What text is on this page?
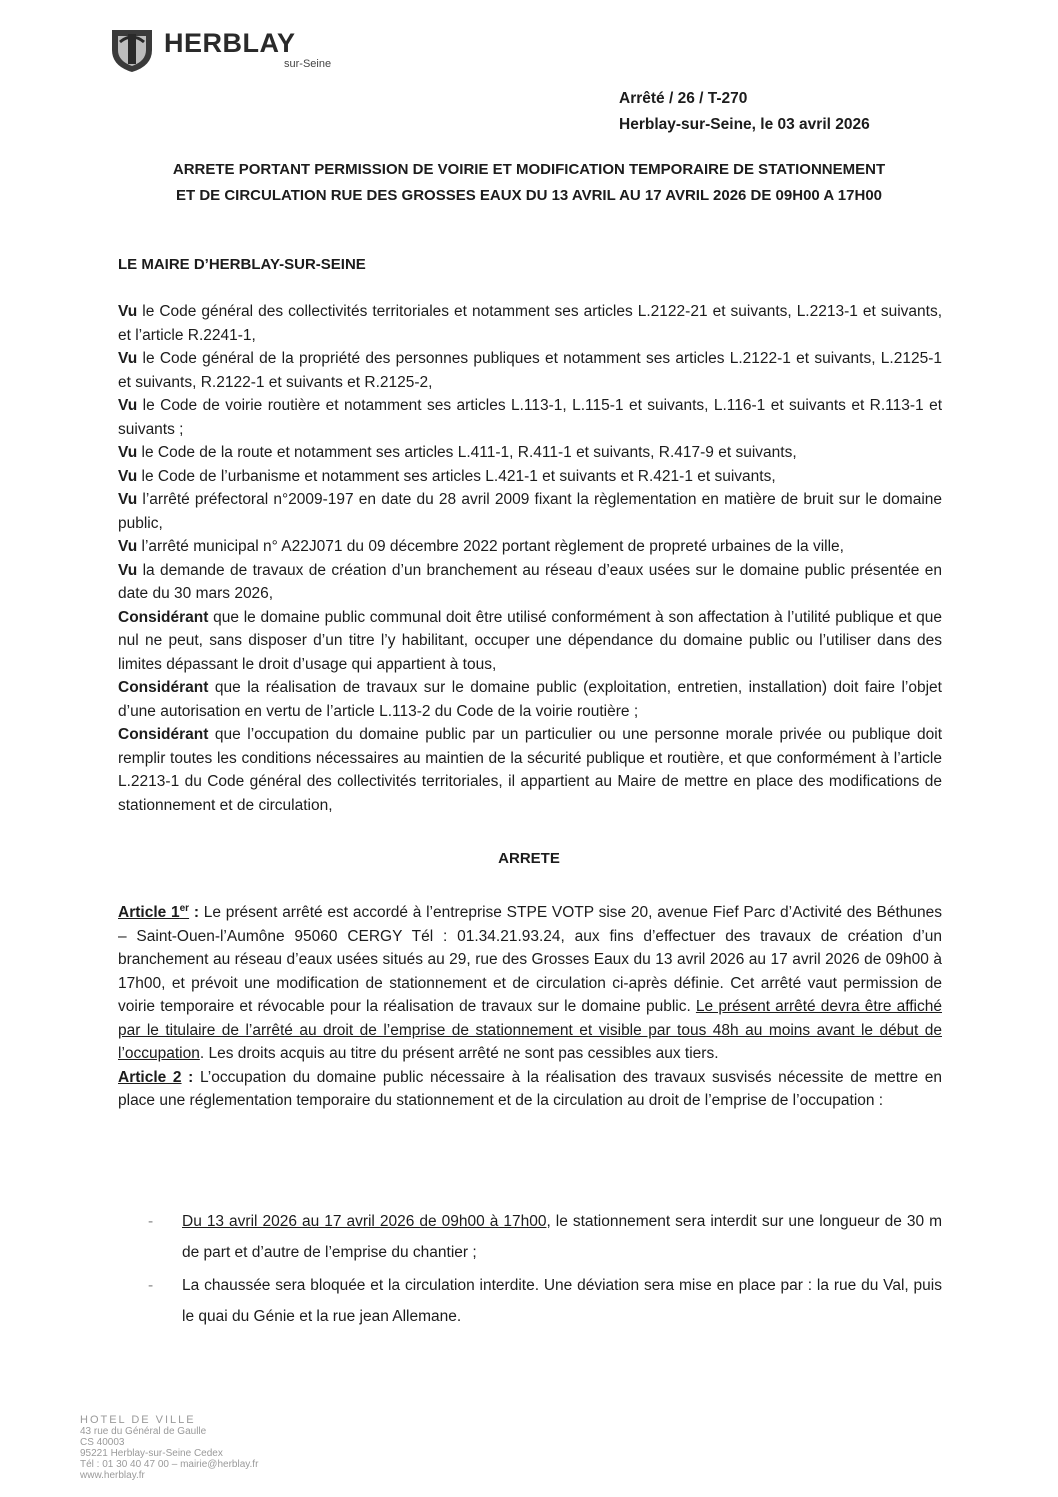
HERBLAY
sur-Seine
Arrêté / 26 / T-270
Herblay-sur-Seine, le 03 avril 2026
ARRETE PORTANT PERMISSION DE VOIRIE ET MODIFICATION TEMPORAIRE DE STATIONNEMENT
ET DE CIRCULATION RUE DES GROSSES EAUX DU 13 AVRIL AU 17 AVRIL 2026 DE 09H00 A 17H00
LE MAIRE D’HERBLAY-SUR-SEINE

Vu le Code général des collectivités territoriales et notamment ses articles L.2122-21 et suivants, L.2213-1 et suivants, et l’article R.2241-1,

Vu le Code général de la propriété des personnes publiques et notamment ses articles L.2122-1 et suivants, L.2125-1 et suivants, R.2122-1 et suivants et R.2125-2,

Vu le Code de voirie routière et notamment ses articles L.113-1, L.115-1 et suivants, L.116-1 et suivants et R.113-1 et suivants ;

Vu le Code de la route et notamment ses articles L.411-1, R.411-1 et suivants, R.417-9 et suivants,

Vu le Code de l’urbanisme et notamment ses articles L.421-1 et suivants et R.421-1 et suivants,

Vu l’arrêté préfectoral n°2009-197 en date du 28 avril 2009 fixant la règlementation en matière de bruit sur le domaine public,

Vu l’arrêté municipal n° A22J071 du 09 décembre 2022 portant règlement de propreté urbaines de la ville,

Vu la demande de travaux de création d’un branchement au réseau d’eaux usées sur le domaine public présentée en date du 30 mars 2026,

Considérant que le domaine public communal doit être utilisé conformément à son affectation à l’utilité publique et que nul ne peut, sans disposer d’un titre l’y habilitant, occuper une dépendance du domaine public ou l’utiliser dans des limites dépassant le droit d’usage qui appartient à tous,

Considérant que la réalisation de travaux sur le domaine public (exploitation, entretien, installation) doit faire l’objet d’une autorisation en vertu de l’article L.113-2 du Code de la voirie routière ;

Considérant que l’occupation du domaine public par un particulier ou une personne morale privée ou publique doit remplir toutes les conditions nécessaires au maintien de la sécurité publique et routière, et que conformément à l’article L.2213-1 du Code général des collectivités territoriales, il appartient au Maire de mettre en place des modifications de stationnement et de circulation,

ARRETE

Article 1er : Le présent arrêté est accordé à l’entreprise STPE VOTP sise 20, avenue Fief Parc d’Activité des Béthunes – Saint-Ouen-l’Aumône 95060 CERGY Tél : 01.34.21.93.24, aux fins d’effectuer des travaux de création d’un branchement au réseau d’eaux usées situés au 29, rue des Grosses Eaux du 13 avril 2026 au 17 avril 2026 de 09h00 à 17h00, et prévoit une modification de stationnement et de circulation ci-après définie. Cet arrêté vaut permission de voirie temporaire et révocable pour la réalisation de travaux sur le domaine public. Le présent arrêté devra être affiché par le titulaire de l’arrêté au droit de l’emprise de stationnement et visible par tous 48h au moins avant le début de l’occupation. Les droits acquis au titre du présent arrêté ne sont pas cessibles aux tiers.

Article 2 : L’occupation du domaine public nécessaire à la réalisation des travaux susvisés nécessite de mettre en place une réglementation temporaire du stationnement et de la circulation au droit de l’emprise de l’occupation :

- Du 13 avril 2026 au 17 avril 2026 de 09h00 à 17h00, le stationnement sera interdit sur une longueur de 30 m de part et d’autre de l’emprise du chantier ;
- La chaussée sera bloquée et la circulation interdite. Une déviation sera mise en place par : la rue du Val, puis le quai du Génie et la rue jean Allemane.
HOTEL DE VILLE
43 rue du Général de Gaulle
CS 40003
95221 Herblay-sur-Seine Cedex
Tél : 01 30 40 47 00 – mairie@herblay.fr
www.herblay.fr
